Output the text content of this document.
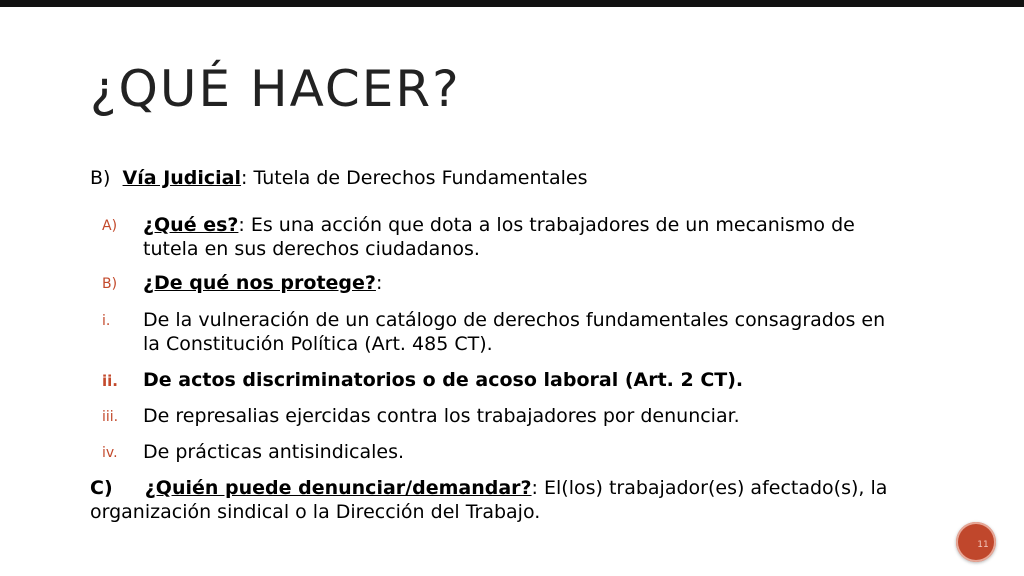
¿QUÉ HACER?
B) Vía Judicial: Tutela de Derechos Fundamentales
A) ¿Qué es?: Es una acción que dota a los trabajadores de un mecanismo de
tutela en sus derechos ciudadanos.
B) ¿De qué nos protege?:
i. De la vulneración de un catálogo de derechos fundamentales consagrados en
la Constitución Política (Art. 485 CT).
ii. De actos discriminatorios o de acoso laboral (Art. 2 CT).
iii. De represalias ejercidas contra los trabajadores por denunciar.
iv. De prácticas antisindicales.
C) ¿Quién puede denunciar/demandar?: El(los) trabajador(es) afectado(s), la
organización sindical o la Dirección del Trabajo.
11
